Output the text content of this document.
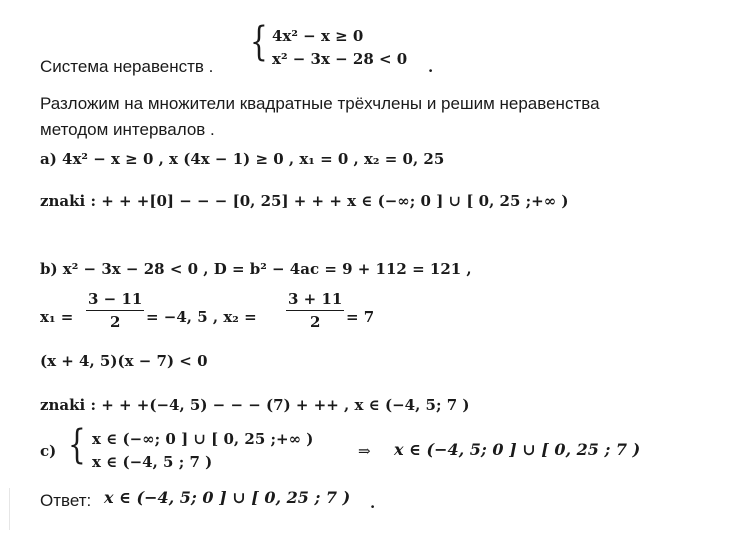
{ 4x² − x ≥ 0
x² − 3x − 28 < 0
Система неравенств .	.
Разложим на множители квадратные трёхчлены и решим неравенства
методом интервалов .
a) 4x² − x ≥ 0 , x (4x − 1) ≥ 0 , x₁ = 0 , x₂ = 0, 25
znaki : + + +[0] − − − [0, 25] + + + x ∈ (−∞; 0 ] ∪ [ 0, 25 ;+∞ )
b) x² − 3x − 28 < 0 , D = b² − 4ac = 9 + 112 = 121 ,
x₁ =
3 − 11
2	= −4, 5 , x₂ =
3 + 11
2	= 7
(x + 4, 5)(x − 7) < 0
znaki : + + +(−4, 5) − − − (7) + ++ , x ∈ (−4, 5; 7 )
c) { x ∈ (−∞; 0 ] ∪ [ 0, 25 ;+∞ )
x ∈ (−4, 5 ; 7 )
⇒ x ∈ (−4, 5; 0 ] ∪ [ 0, 25 ; 7 )
Ответ: x ∈ (−4, 5; 0 ] ∪ [ 0, 25 ; 7 ) .
